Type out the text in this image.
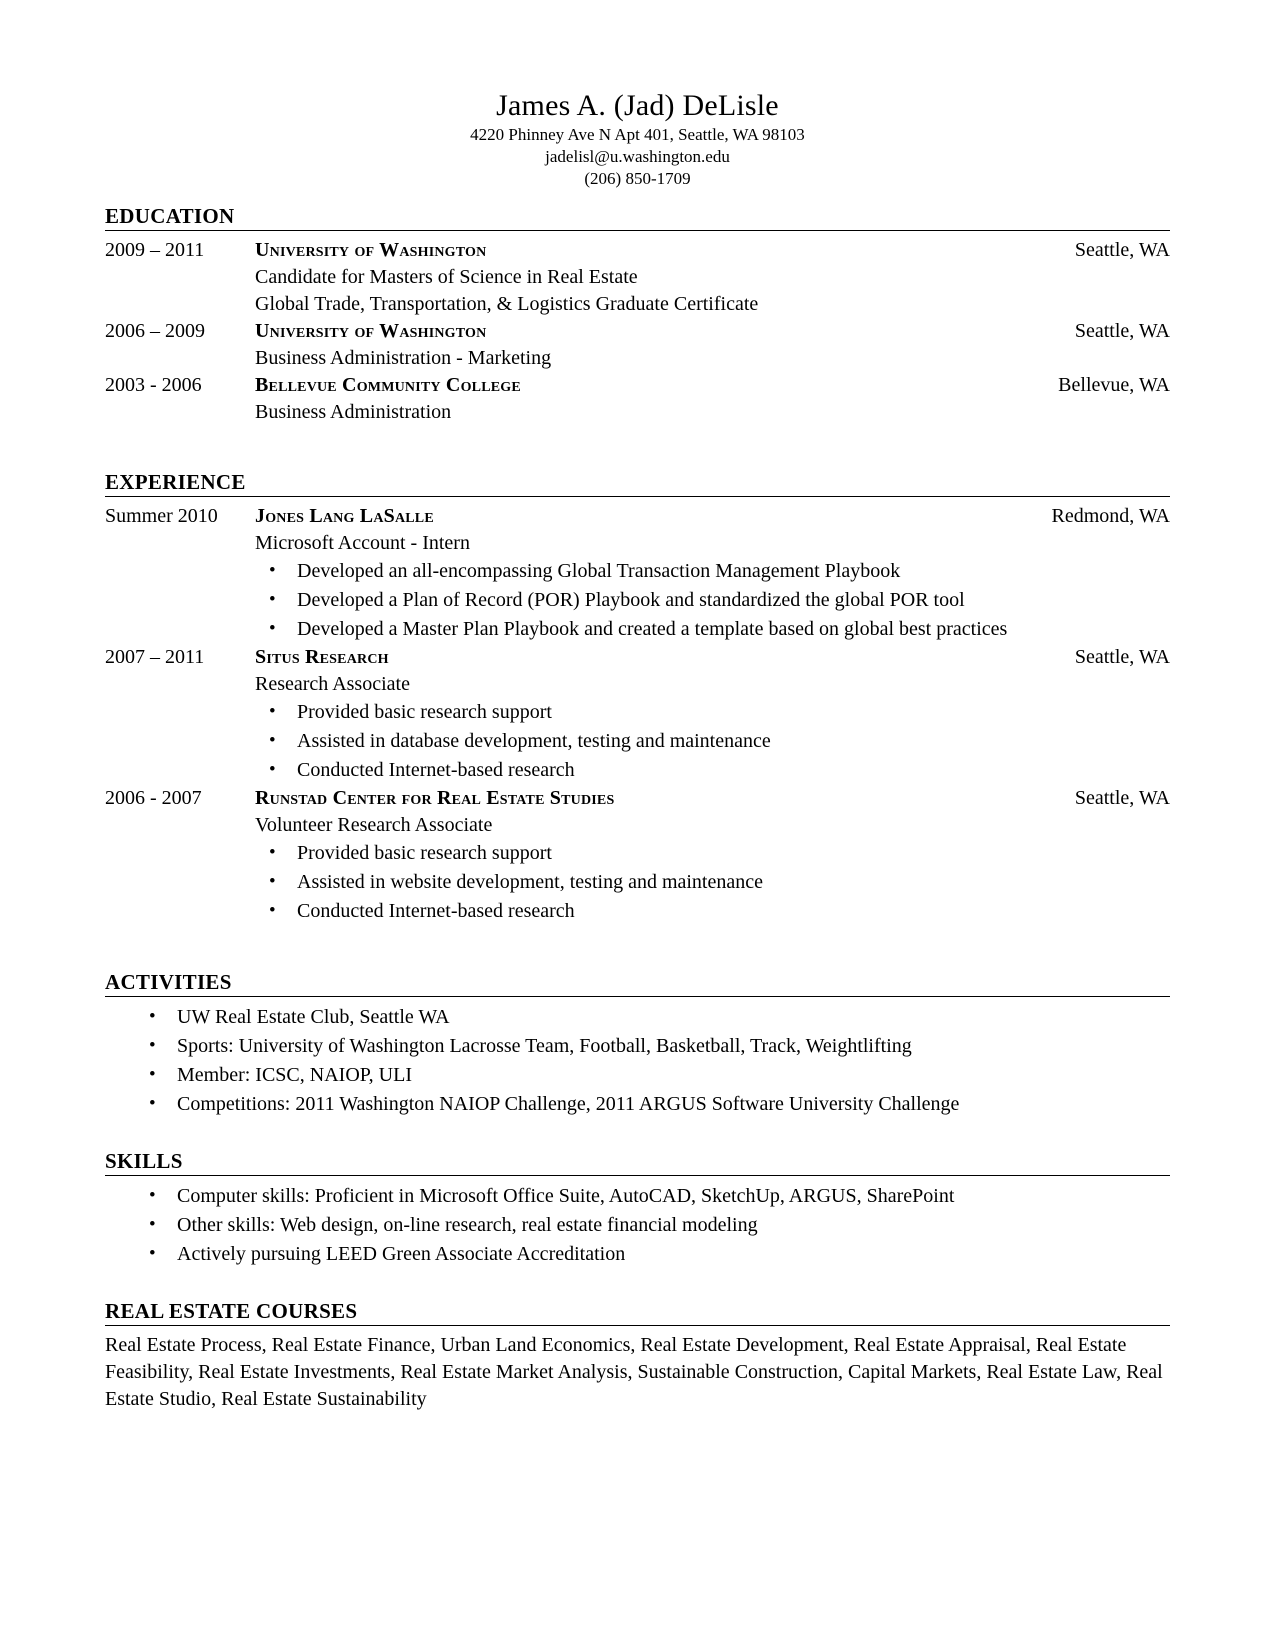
James A. (Jad) DeLisle
4220 Phinney Ave N Apt 401, Seattle, WA 98103
jadelisl@u.washington.edu
(206) 850-1709
EDUCATION
2009 – 2011	University of Washington	Seattle, WA
Candidate for Masters of Science in Real Estate
Global Trade, Transportation, & Logistics Graduate Certificate
2006 – 2009	University of Washington	Seattle, WA
Business Administration - Marketing
2003 - 2006	Bellevue Community College	Bellevue, WA
Business Administration
EXPERIENCE
Summer 2010	Jones Lang LaSalle	Redmond, WA
Microsoft Account - Intern
• Developed an all-encompassing Global Transaction Management Playbook
• Developed a Plan of Record (POR) Playbook and standardized the global POR tool
• Developed a Master Plan Playbook and created a template based on global best practices
2007 – 2011	Situs Research	Seattle, WA
Research Associate
• Provided basic research support
• Assisted in database development, testing and maintenance
• Conducted Internet-based research
2006 - 2007	Runstad Center for Real Estate Studies	Seattle, WA
Volunteer Research Associate
• Provided basic research support
• Assisted in website development, testing and maintenance
• Conducted Internet-based research
ACTIVITIES
• UW Real Estate Club, Seattle WA
• Sports: University of Washington Lacrosse Team, Football, Basketball, Track, Weightlifting
• Member: ICSC, NAIOP, ULI
• Competitions: 2011 Washington NAIOP Challenge, 2011 ARGUS Software University Challenge
SKILLS
• Computer skills: Proficient in Microsoft Office Suite, AutoCAD, SketchUp, ARGUS, SharePoint
• Other skills: Web design, on-line research, real estate financial modeling
• Actively pursuing LEED Green Associate Accreditation
REAL ESTATE COURSES
Real Estate Process, Real Estate Finance, Urban Land Economics, Real Estate Development, Real Estate Appraisal, Real Estate Feasibility, Real Estate Investments, Real Estate Market Analysis, Sustainable Construction, Capital Markets, Real Estate Law, Real Estate Studio, Real Estate Sustainability
